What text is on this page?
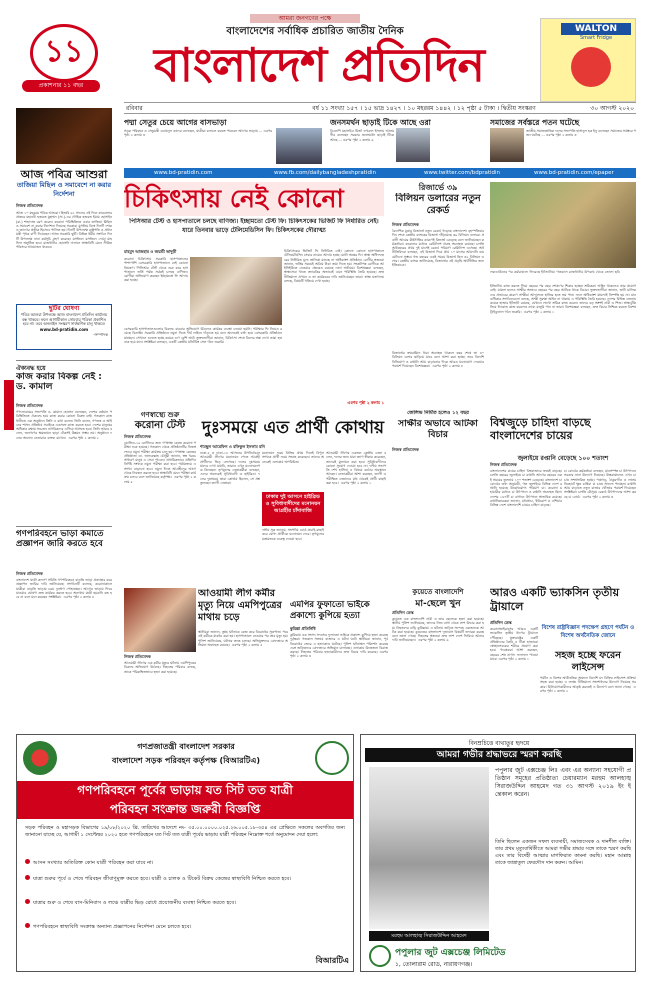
১১
প্রকাশনার ১১ বছর
আমরা জনগণের পক্ষে
বাংলাদেশের সর্বাধিক প্রচারিত জাতীয় দৈনিক
বাংলাদেশ প্রতিদিন
WALTON
Smart Fridge
রবিবার	বর্ষ ১১ সংখ্যা ১৫৭ । ১৫ ভাদ্র ১৪২৭ । ১০ মহররম ১৪৪২ । ১২ পৃষ্ঠা ৫ টাকা । দ্বিতীয় সংস্করণ	৩০ আগস্ট ২০২০
পদ্মা সেতুর চেয়ে আগের বাসভাড়া
সড়ক পরিবহন ও সেতুমন্ত্রী ওবায়দুল কাদের বলেছেন, যাত্রীরা চলাচল করতে পারবেন আগের ভাড়ায় ... এরপর পৃষ্ঠা ২ কলাম ৩
জনসমর্থন ছাড়াই টিকে আছে ওরা
বিএনপি মহাসচিব মির্জা ফখরুল ইসলাম আলমগীর বলেছেন সরকার জনসমর্থন ছাড়াই টিকে আছে ... এরপর পৃষ্ঠা ২ কলাম ৬
সমাজের সর্বস্তরে পতন ঘটেছে
জাতীয় সমাজতান্ত্রিক দলের সভাপতি হাসানুল হক ইনু বলেছেন সমাজের সর্বস্তরে পতন ঘটেছে ... এরপর পৃষ্ঠা ২ কলাম ৩
www.bd-pratidin.com	www.fb.com/dailybangladeshpratidin	www.twitter.com/bdpratidin	www.bd-pratidin.com/epaper
আজ পবিত্র আশুরা
তাজিয়া মিছিল ও সমাবেশে না করার নির্দেশনা
নিজস্ব প্রতিবেদক
আজ ১০ মহররম পবিত্র আশুরা। হিজরি ৬১ সালের এই দিনে কারবালার প্রান্তরে মহানবী হজরত মুহাম্মদ (সা.)-এর দৌহিত্র হজরত ইমাম হোসাইন (রা.) শাহাদাত বরণ করেন। করোনা পরিস্থিতিতে এবার তাজিয়া মিছিল ও সমাবেশ না করার নির্দেশনা দিয়েছে সরকার। মুসলিম বিশ্বে দিনটি শোক ও ত্যাগের প্রতীক হিসেবে পালিত হয়। দিনটি উপলক্ষে রাষ্ট্রপতি ও প্রধানমন্ত্রী পৃথক বাণী দিয়েছেন। আজ সরকারি ছুটি। বিভিন্ন ধর্মীয় সংগঠন দিনটি উপলক্ষে নানা কর্মসূচি গ্রহণ করেছে। মসজিদে মসজিদে দোয়া মাহফিল অনুষ্ঠিত হবে। রাজধানীর হোসেনি দালানে স্বাস্থ্যবিধি মেনে সীমিত পরিসরে আয়োজন থাকবে।
ছুটির ঘোষণা
পবিত্র আশুরা উপলক্ষে আজ বাংলাদেশ প্রতিদিন কার্যালয় বন্ধ থাকবে। ফলে আগামীকাল সোমবার পত্রিকা প্রকাশিত হবে না। তবে অনলাইন সংস্করণ সার্বক্ষণিক চালু থাকবে।
www.bd-pratidin.com
-সম্পাদক
ঐক্যবদ্ধ হয়ে
কাজ করার বিকল্প নেই : ড. কামাল
নিজস্ব প্রতিবেদক
গণফোরামের সভাপতি ড. কামাল হোসেন বলেছেন, দেশের বর্তমান পরিস্থিতিতে ঐক্যবদ্ধ হয়ে কাজ করার কোনো বিকল্প নেই। গতকাল রাজধানীতে এক অনুষ্ঠানে তিনি এ কথা বলেন। তিনি বলেন, গণতন্ত্র ও আইনের শাসন প্রতিষ্ঠায় সবাইকে একসঙ্গে কাজ করতে হবে। দেশের মানুষের অধিকার রক্ষায় সচেতন নাগরিকদের এগিয়ে আসতে হবে। তিনি আরও বলেন, জনগণের ক্ষমতায়ন ছাড়া টেকসই উন্নয়ন সম্ভব নয়। অনুষ্ঠানে দলের অন্যান্য নেতারাও বক্তব্য রাখেন।  এরপর পৃষ্ঠা ২ কলাম ২
গণপরিবহনে ভাড়া কমাতে প্রজ্ঞাপন জারি করতে হবে
নিজস্ব প্রতিবেদক
বাংলাদেশ যাত্রী কল্যাণ সমিতি গণপরিবহনে বাড়তি ভাড়া প্রত্যাহার করে প্রজ্ঞাপন জারির দাবি জানিয়েছে। সংগঠনটি বলেছে, করোনাকালে যাত্রীরা বাড়তি ভাড়ায় চরম দুর্ভোগ পোহাচ্ছেন। আগের ভাড়ায় ফিরে যাওয়ার ঘোষণা দ্রুত কার্যকর করতে হবে। অন্যথায় যাত্রী হয়রানি বন্ধ হবে না বলে মনে করছেন সংশ্লিষ্টরা।  এরপর পৃষ্ঠা ২ কলাম ৪
চিকিৎসায় নেই কোনো
পিসিআর টেস্ট ও হাসপাতালে চলছে বাণিজ্য। ইচ্ছামতো টেস্ট ফি। চিকিৎসকের ভিজিট ফি নির্ধারিত নেই। যারে তিনবার ভাড়ে টেলিমেডিসিন ফি। চিকিৎসকের দৌরাত্ম্য
মাহমুদ আজহার ও জয়শ্রী ভাদুড়ী
করোনা চিকিৎসায় সরকারি হাসপাতালের পাশাপাশি বেসরকারি হাসপাতালে নেই কোনো নিয়ন্ত্রণ। পিসিআর টেস্ট থেকে শুরু করে হাসপাতালে ভর্তি পর্যন্ত সর্বত্রই চলছে বাণিজ্য। রোগীরা অভিযোগ করছেন ইচ্ছামতো ফি আদায় করা হচ্ছে।
চিকিৎসকের ভিজিট ফি নির্ধারিত নেই। কোনো কোনো হাসপাতালে টেলিমেডিসিন সেবার নামেও আদায় হচ্ছে মোটা অঙ্কের ফি। স্বাস্থ্য অধিদফতরের নির্ধারিত মূল্য তালিকা মানছে না অধিকাংশ প্রতিষ্ঠান। রোগীর স্বজনরা জানান, ভর্তির সময়েই অগ্রিম টাকা জমা দিতে হয়। সংকটাপন্ন রোগীকে আইসিইউতে নেওয়ার ক্ষেত্রেও রয়েছে নানা অনিয়ম। বিশেষজ্ঞরা বলছেন, স্বাস্থ্যসেবা খাতে তদারকির অভাবেই এমন পরিস্থিতি তৈরি হয়েছে। দ্রুত নীতিমালা প্রণয়ন ও তা কার্যকরের দাবি জানিয়েছেন তারা। স্বাস্থ্য মন্ত্রণালয় বলছে, বিষয়টি খতিয়ে দেখা হচ্ছে।
বেসরকারি হাসপাতালগুলোর বিরুদ্ধে বারবার অভিযোগ উঠলেও কার্যকর ব্যবস্থা নেওয়া হয়নি। পরীক্ষার ফি নিয়েও রয়েছে বিভ্রান্তি। সরকারি প্রতিষ্ঠানে নমুনা দিতে দীর্ঘ লাইনে দাঁড়াতে হয় বলে অনেকেই বাধ্য হয়ে বেসরকারি প্রতিষ্ঠানে যাচ্ছেন। সেখানে গুনতে হচ্ছে কয়েক গুণ বেশি অর্থ। ভুক্তভোগীরা জানান, চিকিৎসা শেষে বিলের অঙ্ক দেখে তারা হতবাক হয়ে যান। সংশ্লিষ্টরা বলছেন, একটি কেন্দ্রীয় মনিটরিং সেল গঠন জরুরি।
এরপর পৃষ্ঠা ২ কলাম ১
রিজার্ভে ৩৯
বিলিয়ন ডলারের নতুন রেকর্ড
নিজস্ব প্রতিবেদক
বৈদেশিক মুদ্রার রিজার্ভে নতুন রেকর্ড গড়েছে বাংলাদেশ। বৃহস্পতিবার দিন শেষে কেন্দ্রীয় ব্যাংকের রিজার্ভ দাঁড়িয়েছে ৩৯ বিলিয়ন ডলারে। প্রবাসী আয়ের ঊর্ধ্বগতির কারণেই রিজার্ভ বেড়েছে বলে জানিয়েছেন কর্মকর্তারা। করোনার মধ্যেও রেমিট্যান্স প্রবাহ অব্যাহত রয়েছে। চলতি অর্থবছরের প্রথম দুই মাসেই রেকর্ড পরিমাণ রেমিট্যান্স এসেছে। অর্থনীতিবিদরা বলছেন, এই রিজার্ভ দিয়ে প্রায় ১০ মাসের আমদানি ব্যয় মেটানো সম্ভব। গত বছরের একই সময়ে রিজার্ভ ছিল ৩২ বিলিয়ন ডলার। কেন্দ্রীয় ব্যাংক জানিয়েছে, রিজার্ভের এই প্রবৃদ্ধি অর্থনীতির জন্য ইতিবাচক।
রিজার্ভের ক্রমবর্ধমান ধারা অব্যাহত থাকলে বছর শেষে তা ৪০ বিলিয়ন ডলার ছাড়িয়ে যাবে বলে আশা করা হচ্ছে। তবে বিদেশি বিনিয়োগ ও রপ্তানি আয় বাড়ানোর দিকে আরও মনোযোগ দেওয়ার পরামর্শ দিয়েছেন বিশেষজ্ঞরা।  এরপর পৃষ্ঠা ২ কলাম ৪
লকডাউনের পর কর্মচাঞ্চল্য ফিরেছে ইটভাটায়। গতকাল রাজধানীর উপকণ্ঠ থেকে তোলা ছবি
ইটভাটায় কাজ করতে গিয়ে বছরের পর বছর শোষণের শিকার হচ্ছেন শ্রমিকরা। আইন থাকলেও তার প্রয়োগ নেই। মামলা হলেও সাক্ষীর অভাবে বছরের পর বছর আটকে থাকে বিচার। ভুক্তভোগীরা জানান, ভাটা মালিকদের প্রভাবের কারণে সাক্ষীরা আদালতে হাজির হতে ভয় পান। ফলে অধিকাংশ মামলাই নিষ্পত্তি হয় না। মানবাধিকার সংগঠনগুলো বলছে, সাক্ষী সুরক্ষা আইন না থাকায় এ পরিস্থিতি তৈরি হয়েছে। দেশের বিভিন্ন জেলায় কয়েক হাজার ইটভাটা রয়েছে, যেখানে লাখো শ্রমিক কাজ করেন। তাদের বড় অংশই নারী ও শিশু। স্বাস্থ্যঝুঁকি নিয়ে দিনরাত কাজ করলেও ন্যায্য মজুরি পান না তারা। বিশেষজ্ঞরা বলছেন, দ্রুত বিচার নিশ্চিত করতে বিশেষ ট্রাইব্যুনাল গঠন জরুরি।  এরপর পৃষ্ঠা ২ কলাম ১
জেলিভ নির্মিত হলেও ১২ বছর
সাক্ষীর অভাবে আটকা বিচার
নিজস্ব প্রতিবেদক
বিশ্বজুড়ে চাহিদা বাড়ছে বাংলাদেশের চায়ের
জুলাইয়ে রপ্তানি বেড়েছে ১০০ শতাংশ
নিজস্ব প্রতিবেদক
বাংলাদেশের চায়ের চাহিদা বিশ্ববাজারে ক্রমেই বাড়ছে। চলতি বছরের জুলাইয়ে চা রপ্তানি আগের বছরের একই সময়ের তুলনায় ১০০ শতাংশ বেড়েছে। বাংলাদেশ চা বোর্ডের তথ্য অনুযায়ী, গত জুলাইয়ে বিভিন্ন দেশে রপ্তানি হয়েছে উল্লেখযোগ্য পরিমাণ চা। করোনা মহামারীর মধ্যেও চা উৎপাদন ও রপ্তানি অব্যাহত ছিল। দেশের ১৬৭টি চা বাগানে উৎপাদন স্বাভাবিক রয়েছে। রপ্তানিকারকরা জানান, মধ্যপ্রাচ্য, ইউরোপ ও এশিয়ার বিভিন্ন দেশে বাংলাদেশি চায়ের চাহিদা বাড়ছে।
চা বোর্ডের কর্মকর্তারা বলছেন, মানসম্পন্ন চা উৎপাদনে সরকার নানা উদ্যোগ নিয়েছে। উত্তরাঞ্চলেও এখন চা চাষ সম্প্রসারিত হচ্ছে। পঞ্চগড়, ঠাকুরগাঁও ও লালমনিরহাটে ক্ষুদ্র চাষিরা চা চাষে সাফল্য পাচ্ছেন। রপ্তানি আয় বাড়াতে নতুন বাজার খোঁজার পরামর্শ দিয়েছেন সংশ্লিষ্টরা। চলতি মৌসুমে রেকর্ড উৎপাদনের আশা করছে চা বোর্ড।  এরপর পৃষ্ঠা ২ কলাম ৩
গণস্বাস্থ্যে শুরু
করোনা টেস্ট
নিজস্ব প্রতিবেদক
কোভিড-১৯ রোগীদের জন্য গণস্বাস্থ্য কেন্দ্রে করোনা পরীক্ষা শুরু হয়েছে। গতকাল থেকে প্রতিষ্ঠানটির নিজস্ব ল্যাবে নমুনা পরীক্ষা কার্যক্রম চালু হয়। গণস্বাস্থ্য কেন্দ্রের প্রতিষ্ঠাতা ডা. জাফরুল্লাহ চৌধুরী জানান, স্বল্প খরচে সাধারণ মানুষ এ সেবা পাবেন। প্রাথমিকভাবে প্রতিদিন নির্দিষ্ট সংখ্যক নমুনা পরীক্ষা করা হবে। পর্যায়ক্রমে এ সংখ্যা বাড়ানো হবে। নমুনা দিতে আগ্রহীদের আগে থেকে নিবন্ধন করতে হবে। স্বাস্থ্যবিধি মেনে পরীক্ষা কার্যক্রম চলবে বলে জানিয়েছে কর্তৃপক্ষ।  এরপর পৃষ্ঠা ২ কলাম ৫
দুঃসময়ে এত প্রার্থী কোথায়
শামছুল আরেফিন ও রফিকুল ইসলাম রনি
ঢাকা-৫ ও ঢাকা-১৮ আসনের উপনির্বাচনে আওয়ামী লীগের মনোনয়ন পেতে আগ্রহী প্রার্থীদের ভিড় লেগেছে। দলের দুঃসময়ে যাদের দেখা যায়নি, তারাও এখন মনোনয়নপত্র কিনছেন। তৃণমূলের নেতাকর্মীরা বলছেন, এদের অনেকেই সুবিধাবাদী ও হাইব্রিড। দলের দুঃসময়ে তারা কোথায় ছিলেন, সে প্রশ্ন তুলছেন ত্যাগী নেতারা।
ঢাকার দুই আসনে হাইব্রিড ও সুবিধাবাদীদের মনোনয়ন আগ্রহীর চাঁদাবাজি
মনোনয়ন ফরম বিক্রির প্রথম দিনেই বিপুল সংখ্যক প্রার্থী ফরম সংগ্রহ করেছেন। তাদের অনেকেই এলাকায় অপরিচিত।
দলীয় সূত্র জানায়, সংসদীয় বোর্ড যাচাই-বাছাই করে যোগ্য প্রার্থীকে মনোনয়ন দেবে। তৃণমূলের মতামতকে গুরুত্ব দেওয়া হবে।
আওয়ামী লীগের একজন কেন্দ্রীয় নেতা বলেন, দলের জন্য যারা ত্যাগ স্বীকার করেছেন, তাদেরই মূল্যায়ন করা হবে। সুবিধাবাদীদের কোনো সুযোগ দেওয়া হবে না। দলীয় সভাপতি শেখ হাসিনা এ বিষয়ে কঠোর অবস্থানে আছেন। নেতাকর্মীরা আশা করছেন, ত্যাগী ও পরীক্ষিত নেতাদের মধ্য থেকেই প্রার্থী বাছাই করা হবে।  এরপর পৃষ্ঠা ২ কলাম ১
আওয়ামী লীগ কর্মীর মৃত্যু নিয়ে এমপিপুত্রের মাথায় চড়ে
নিজস্ব প্রতিবেদক
আওয়ামী লীগের এক কর্মীর মৃত্যুর ঘটনায় এমপিপুত্রের বিরুদ্ধে অভিযোগ উঠেছে। নিহতের পরিবার বলছে, তাকে পরিকল্পিতভাবে হত্যা করা হয়েছে।
স্থানীয়রা জানান, তুচ্ছ ঘটনাকে কেন্দ্র করে বিরোধের সূত্রপাত। পরে ওই কর্মীকে মারধর করা হয়। হাসপাতালে নেওয়ার পর তার মৃত্যু হয়। পুলিশ জানিয়েছে, ঘটনার তদন্ত চলছে। অভিযুক্তদের গ্রেফতারে অভিযান অব্যাহত রয়েছে।  এরপর পৃষ্ঠা ২ কলাম ৫
কুয়েতে বাংলাদেশি
মা-ছেলে খুন
প্রতিদিন ডেস্ক
কুয়েতে এক বাংলাদেশি নারী ও তার ছেলেকে হত্যা করা হয়েছে। স্থানীয় পুলিশ জানিয়েছে, তাদের নিজ বাসা থেকে লাশ উদ্ধার করা হয়। নিহতদের বাড়ি কুমিল্লায়। এ ঘটনায় জড়িত সন্দেহে একজনকে আটক করা হয়েছে। কুয়েতের বাংলাদেশ দূতাবাস বিষয়টি তদারক করছে বলে জানা গেছে। নিহতের স্বজনরা দ্রুত লাশ দেশে ফিরিয়ে আনার দাবি জানিয়েছেন।  এরপর পৃষ্ঠা ২ কলাম ৬
বিশেষ রাষ্ট্রবিজ্ঞান পদক্ষেপ গ্রহণে পর্যটন ও বিশেষ অর্থনৈতিক জোনে
সহজ হচ্ছে ফরেন লাইসেন্স
পর্যটন ও বিশেষ অর্থনৈতিক অঞ্চলে বিদেশি মদ বিক্রির লাইসেন্স প্রক্রিয়া সহজ করা হচ্ছে। এ লক্ষ্যে নীতিমালা সংশোধনের উদ্যোগ নিয়েছে সরকার। বিনিয়োগকারীদের আকৃষ্ট করতেই এ উদ্যোগ বলে জানা গেছে।  এরপর পৃষ্ঠা ২ কলাম ২
গণপ্রজাতন্ত্রী বাংলাদেশ সরকার
বাংলাদেশ সড়ক পরিবহন কর্তৃপক্ষ (বিআরটিএ)
গণপরিবহনে পূর্বের ভাড়ায় যত সিট তত যাত্রী
পরিবহন সংক্রান্ত জরুরী বিজ্ঞপ্তি
সড়ক পরিবহন ও মহাসড়ক বিভাগের ১৯/০৮/২০২০ খ্রি. তারিখের আদেশে নং- ৩৫.০০.০০০০.০২৫.২৬.০০৫.১৮-৩৫৪ এর প্রেক্ষিতে সকলের অবগতির জন্য জানানো যাচ্ছে যে, আগামী ১ সেপ্টেম্বর ২০২০ হতে গণপরিবহনে যত সিট তত যাত্রী পূর্বের ভাড়ায় যাত্রী পরিবহন নিম্নোক্ত শর্তে অনুমোদন দেয়া হলো:
আসন সংখ্যার অতিরিক্ত কোন যাত্রী পরিবহন করা যাবে না।
যাত্রা শুরুর পূর্বে ও শেষে পরিবহন জীবাণুমুক্ত করতে হবে। যাত্রী ও চালক ও টিকেট বিক্রয় কেন্দ্রের স্বাস্থ্যবিধি নিশ্চিত করতে হবে।
যাত্রার শুরু ও শেষে বাস-মিনিবাস ও লঞ্চে যাত্রীর ভিড় রোধে প্রয়োজনীয় ব্যবস্থা নিশ্চিত করতে হবে।
গণপরিবহনে স্বাস্থ্যবিধি সংক্রান্ত অন্যান্য প্রজ্ঞাপনের নির্দেশনা মেনে চলতে হবে।
বিআরটিএ
বিনম্রচিত্তে ব্যথাতুর হৃদয়ে
আমরা গভীর শ্রদ্ধাভরে স্মরণ করছি
মরহুম আলহাজ্ব সিরাজউদ্দিন আহমেদ
পপুলার জুট এক্সচেঞ্জ লিঃ এবং এর অন্যান্য সহযোগী প্রতিষ্ঠান সমূহের প্রতিষ্ঠাতা চেয়ারম্যান মরহুম আলহাজ্ব সিরাজউদ্দিন আহমেদ গত ৩১ আগস্ট ২০১৯ ইং ইন্তেকাল করেন।
তিনি ছিলেন একজন সফল ব্যবসায়ী, সমাজসেবক ও দানশীল ব্যক্তি। তার প্রথম মৃত্যুবার্ষিকীতে আমরা গভীর শ্রদ্ধার সঙ্গে তাকে স্মরণ করছি এবং তার বিদেহী আত্মার মাগফিরাত কামনা করছি। মহান আল্লাহ তাকে জান্নাতুল ফেরদৌস দান করুন। আমিন।
পপুলার জুট এক্সচেঞ্জ লিমিটেড
১, তোলারাম রোড, নারায়ণগঞ্জ।
এমপির ফুফাতো ভাইকে প্রকাশ্যে কুপিয়ে হত্যা
কুমিল্লা প্রতিনিধি
কুমিল্লায় এক সংসদ সদস্যের ফুফাতো ভাইকে প্রকাশ্যে কুপিয়ে হত্যা করেছে দুর্বৃত্তরা। গতকাল সন্ধ্যায় বাজারে এ ঘটনা ঘটে। স্থানীয়রা জানান, পূর্ব বিরোধের জেরে এ হত্যাকাণ্ড ঘটেছে। পুলিশ ঘটনাস্থল পরিদর্শন করেছে এবং জড়িতদের গ্রেফতারে অভিযান চালাচ্ছে। এলাকায় উত্তেজনা বিরাজ করছে। নিহতের পরিবার হত্যাকারীদের দ্রুত বিচার দাবি করেছে। এরপর পৃষ্ঠা ২ কলাম ৩
আরও একটি ভ্যাকসিন তৃতীয় ট্রায়ালে
প্রতিদিন ডেস্ক
করোনাভাইরাসের আরও একটি ভ্যাকসিন তৃতীয় ধাপের ট্রায়ালে পৌঁছেছে। যুক্তরাষ্ট্রের একটি প্রতিষ্ঠানের তৈরি এ টিকা হাজারো স্বেচ্ছাসেবকের শরীরে প্রয়োগ করা হবে। গবেষকরা আশা করছেন, বছরের শেষ নাগাদ ফলাফল পাওয়া যাবে। এরপর পৃষ্ঠা ২ কলাম ১
